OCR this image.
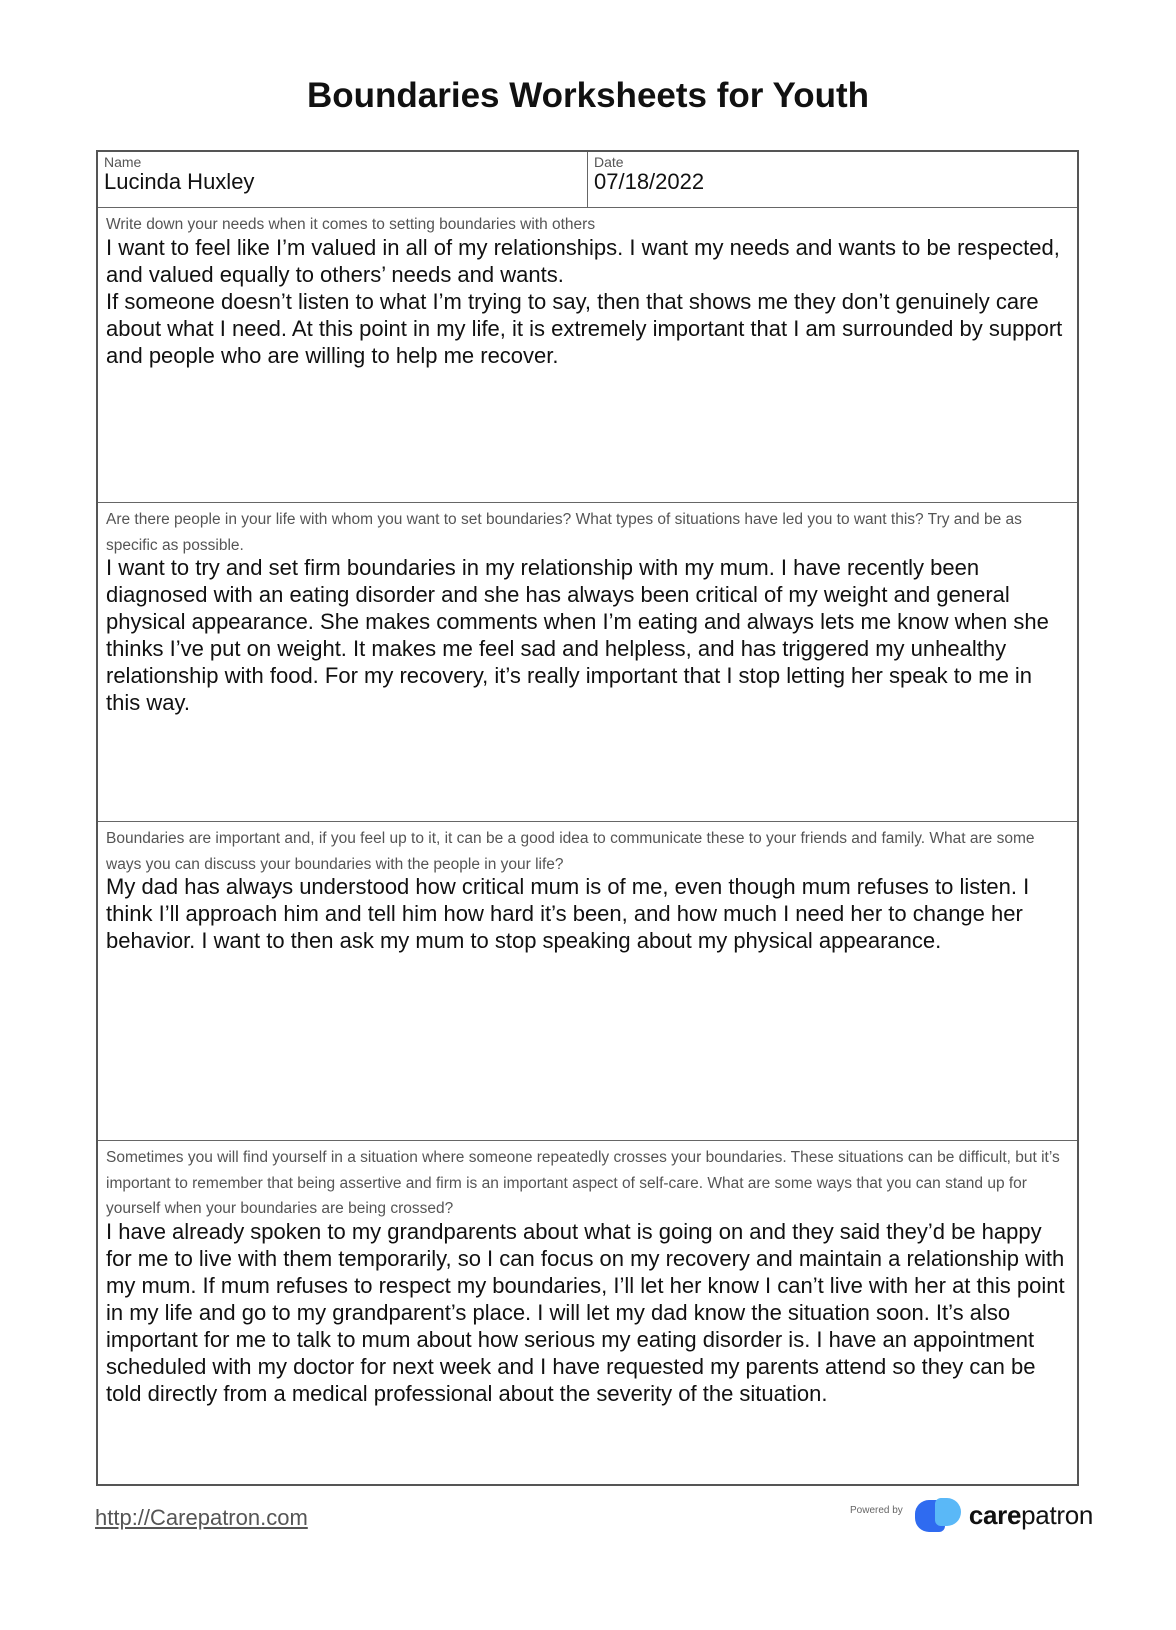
Boundaries Worksheets for Youth
Name
Lucinda Huxley
Date
07/18/2022
Write down your needs when it comes to setting boundaries with others
I want to feel like I’m valued in all of my relationships. I want my needs and wants to be respected, and valued equally to others’ needs and wants.
If someone doesn’t listen to what I’m trying to say, then that shows me they don’t genuinely care about what I need. At this point in my life, it is extremely important that I am surrounded by support and people who are willing to help me recover.
Are there people in your life with whom you want to set boundaries? What types of situations have led you to want this? Try and be as specific as possible.
I want to try and set firm boundaries in my relationship with my mum. I have recently been diagnosed with an eating disorder and she has always been critical of my weight and general physical appearance. She makes comments when I’m eating and always lets me know when she thinks I’ve put on weight. It makes me feel sad and helpless, and has triggered my unhealthy relationship with food. For my recovery, it’s really important that I stop letting her speak to me in this way.
Boundaries are important and, if you feel up to it, it can be a good idea to communicate these to your friends and family. What are some ways you can discuss your boundaries with the people in your life?
My dad has always understood how critical mum is of me, even though mum refuses to listen. I think I’ll approach him and tell him how hard it’s been, and how much I need her to change her behavior. I want to then ask my mum to stop speaking about my physical appearance.
Sometimes you will find yourself in a situation where someone repeatedly crosses your boundaries. These situations can be difficult, but it’s important to remember that being assertive and firm is an important aspect of self-care. What are some ways that you can stand up for yourself when your boundaries are being crossed?
I have already spoken to my grandparents about what is going on and they said they’d be happy for me to live with them temporarily, so I can focus on my recovery and maintain a relationship with my mum. If mum refuses to respect my boundaries, I’ll let her know I can’t live with her at this point in my life and go to my grandparent’s place. I will let my dad know the situation soon. It’s also important for me to talk to mum about how serious my eating disorder is. I have an appointment scheduled with my doctor for next week and I have requested my parents attend so they can be told directly from a medical professional about the severity of the situation.
http://Carepatron.com	Powered by	carepatron
